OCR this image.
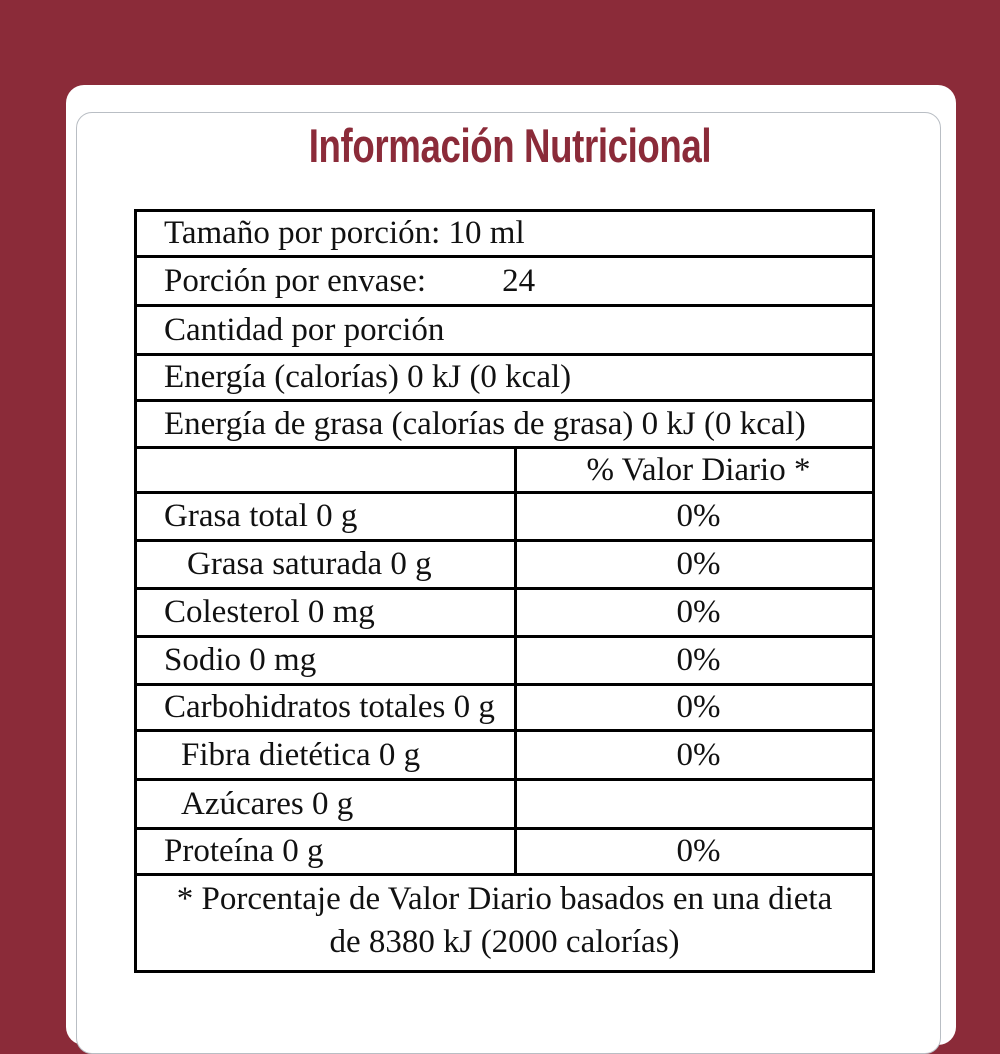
Información Nutricional
Tamaño por porción: 10 ml
Porción por envase: 24
Cantidad por porción
Energía (calorías) 0 kJ (0 kcal)
Energía de grasa (calorías de grasa) 0 kJ (0 kcal)
% Valor Diario *
Grasa total 0 g	0%
Grasa saturada 0 g	0%
Colesterol 0 mg	0%
Sodio 0 mg	0%
Carbohidratos totales 0 g	0%
Fibra dietética 0 g	0%
Azúcares 0 g
Proteína 0 g	0%
* Porcentaje de Valor Diario basados en una dieta
de 8380 kJ (2000 calorías)
